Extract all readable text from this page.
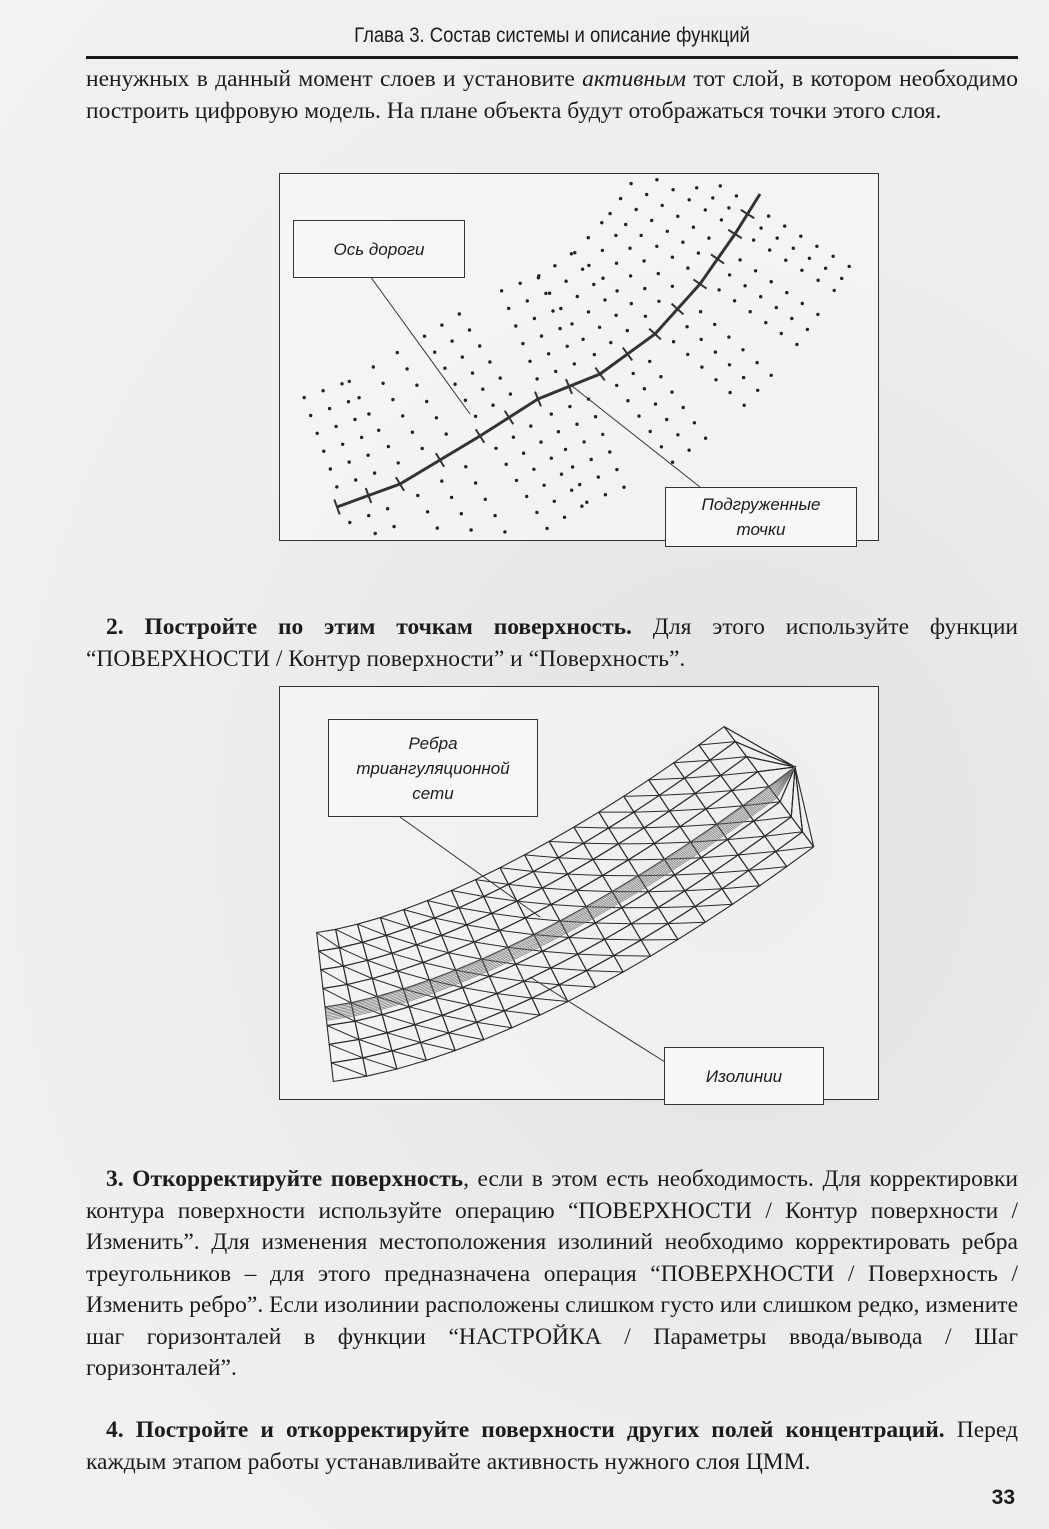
Глава 3. Состав системы и описание функций

ненужных в данный момент слоев и установите активным тот слой, в котором необходимо построить цифровую модель. На плане объекта будут отображаться точки этого слоя.

Ось дороги
Подгруженные
точки

2. Постройте по этим точкам поверхность. Для этого используйте функции “ПОВЕРХНОСТИ / Контур поверхности” и “Поверхность”.

Ребра
триангуляционной
сети
Изолинии

3. Откорректируйте поверхность, если в этом есть необходимость. Для корректировки контура поверхности используйте операцию “ПОВЕРХНОСТИ / Контур поверхности / Изменить”. Для изменения местоположения изолиний необходимо корректировать ребра треугольников – для этого предназначена операция “ПОВЕРХНОСТИ / Поверхность / Изменить ребро”. Если изолинии расположены слишком густо или слишком редко, измените шаг горизонталей в функции “НАСТРОЙКА / Параметры ввода/вывода / Шаг горизонталей”.

4. Постройте и откорректируйте поверхности других полей концентраций. Перед каждым этапом работы устанавливайте активность нужного слоя ЦММ.

33
